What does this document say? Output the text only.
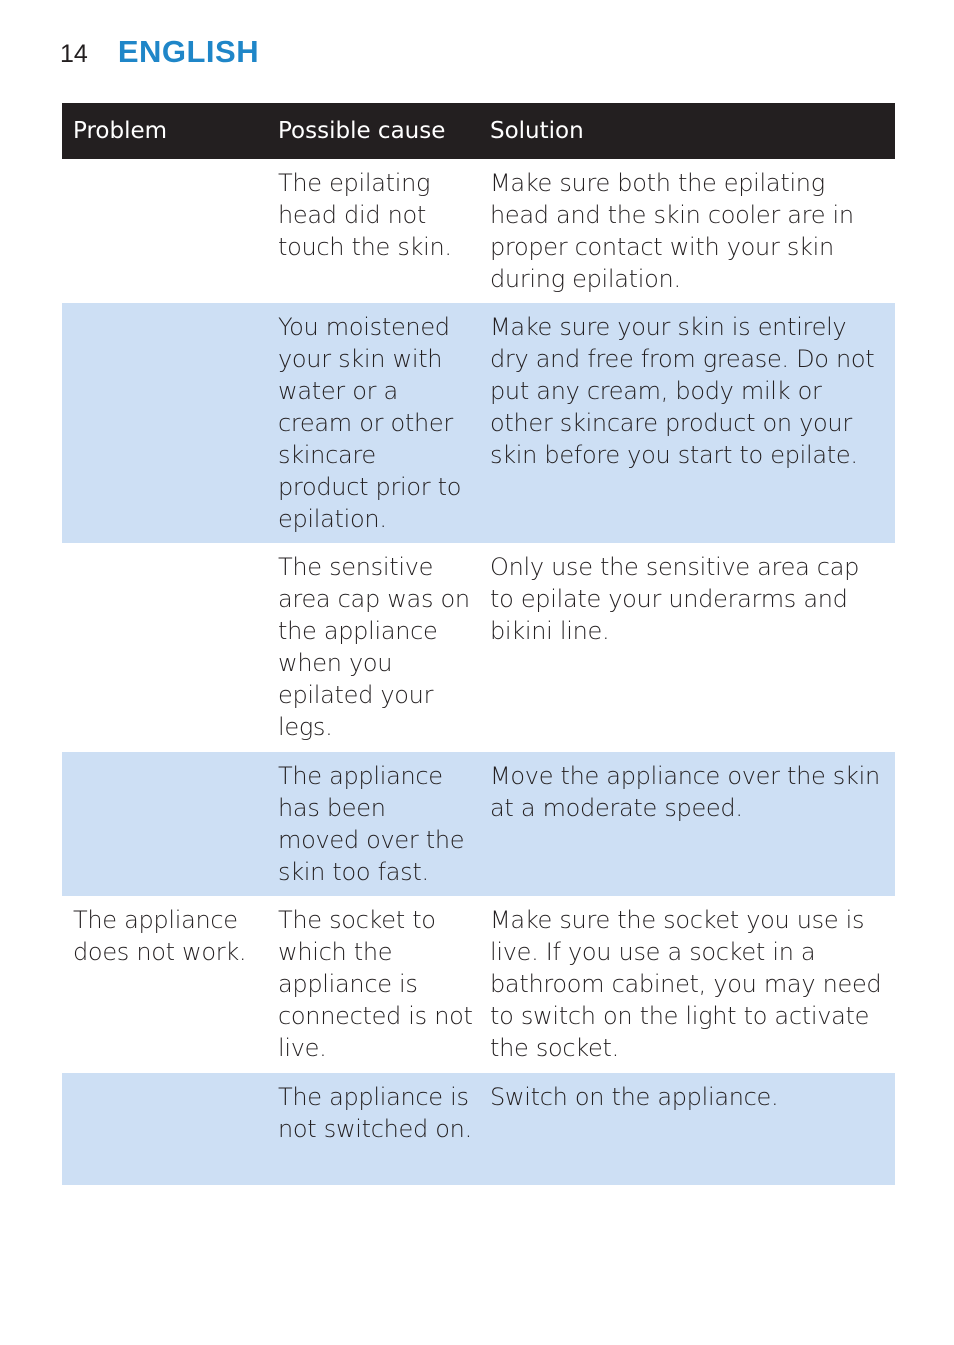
14 ENGLISH
Problem	Possible cause	Solution
	The epilating head did not touch the skin.	Make sure both the epilating head and the skin cooler are in proper contact with your skin during epilation.
	You moistened your skin with water or a cream or other skincare product prior to epilation.	Make sure your skin is entirely dry and free from grease. Do not put any cream, body milk or other skincare product on your skin before you start to epilate.
	The sensitive area cap was on the appliance when you epilated your legs.	Only use the sensitive area cap to epilate your underarms and bikini line.
	The appliance has been moved over the skin too fast.	Move the appliance over the skin at a moderate speed.
The appliance does not work.	The socket to which the appliance is connected is not live.	Make sure the socket you use is live. If you use a socket in a bathroom cabinet, you may need to switch on the light to activate the socket.
	The appliance is not switched on.	Switch on the appliance.
